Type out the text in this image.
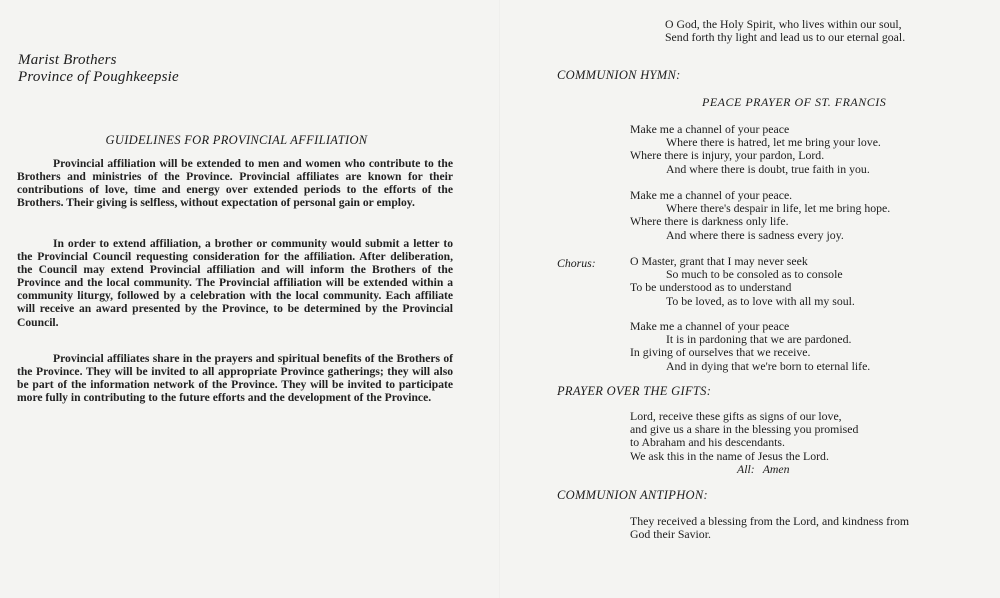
Marist Brothers
Province of Poughkeepsie
GUIDELINES FOR PROVINCIAL AFFILIATION

Provincial affiliation will be extended to men and women who contribute to the Brothers and ministries of the Province. Provincial affiliates are known for their contributions of love, time and energy over extended periods to the efforts of the Brothers. Their giving is selfless, without expectation of personal gain or employ.

In order to extend affiliation, a brother or community would submit a letter to the Provincial Council requesting consideration for the affiliation. After deliberation, the Council may extend Provincial affiliation and will inform the Brothers of the Province and the local community. The Provincial affiliation will be extended within a community liturgy, followed by a celebration with the local community. Each affiliate will receive an award presented by the Province, to be determined by the Provincial Council.

Provincial affiliates share in the prayers and spiritual benefits of the Brothers of the Province. They will be invited to all appropriate Province gatherings; they will also be part of the information network of the Province. They will be invited to participate more fully in contributing to the future efforts and the development of the Province.

O God, the Holy Spirit, who lives within our soul,
Send forth thy light and lead us to our eternal goal.
COMMUNION HYMN:
PEACE PRAYER OF ST. FRANCIS
Make me a channel of your peace
Where there is hatred, let me bring your love.
Where there is injury, your pardon, Lord.
And where there is doubt, true faith in you.
Make me a channel of your peace.
Where there's despair in life, let me bring hope.
Where there is darkness only life.
And where there is sadness every joy.
Chorus:	O Master, grant that I may never seek
So much to be consoled as to console
To be understood as to understand
To be loved, as to love with all my soul.
Make me a channel of your peace
It is in pardoning that we are pardoned.
In giving of ourselves that we receive.
And in dying that we're born to eternal life.
PRAYER OVER THE GIFTS:
Lord, receive these gifts as signs of our love,
and give us a share in the blessing you promised
to Abraham and his descendants.
We ask this in the name of Jesus the Lord.
All: Amen
COMMUNION ANTIPHON:
They received a blessing from the Lord, and kindness from
God their Savior.
